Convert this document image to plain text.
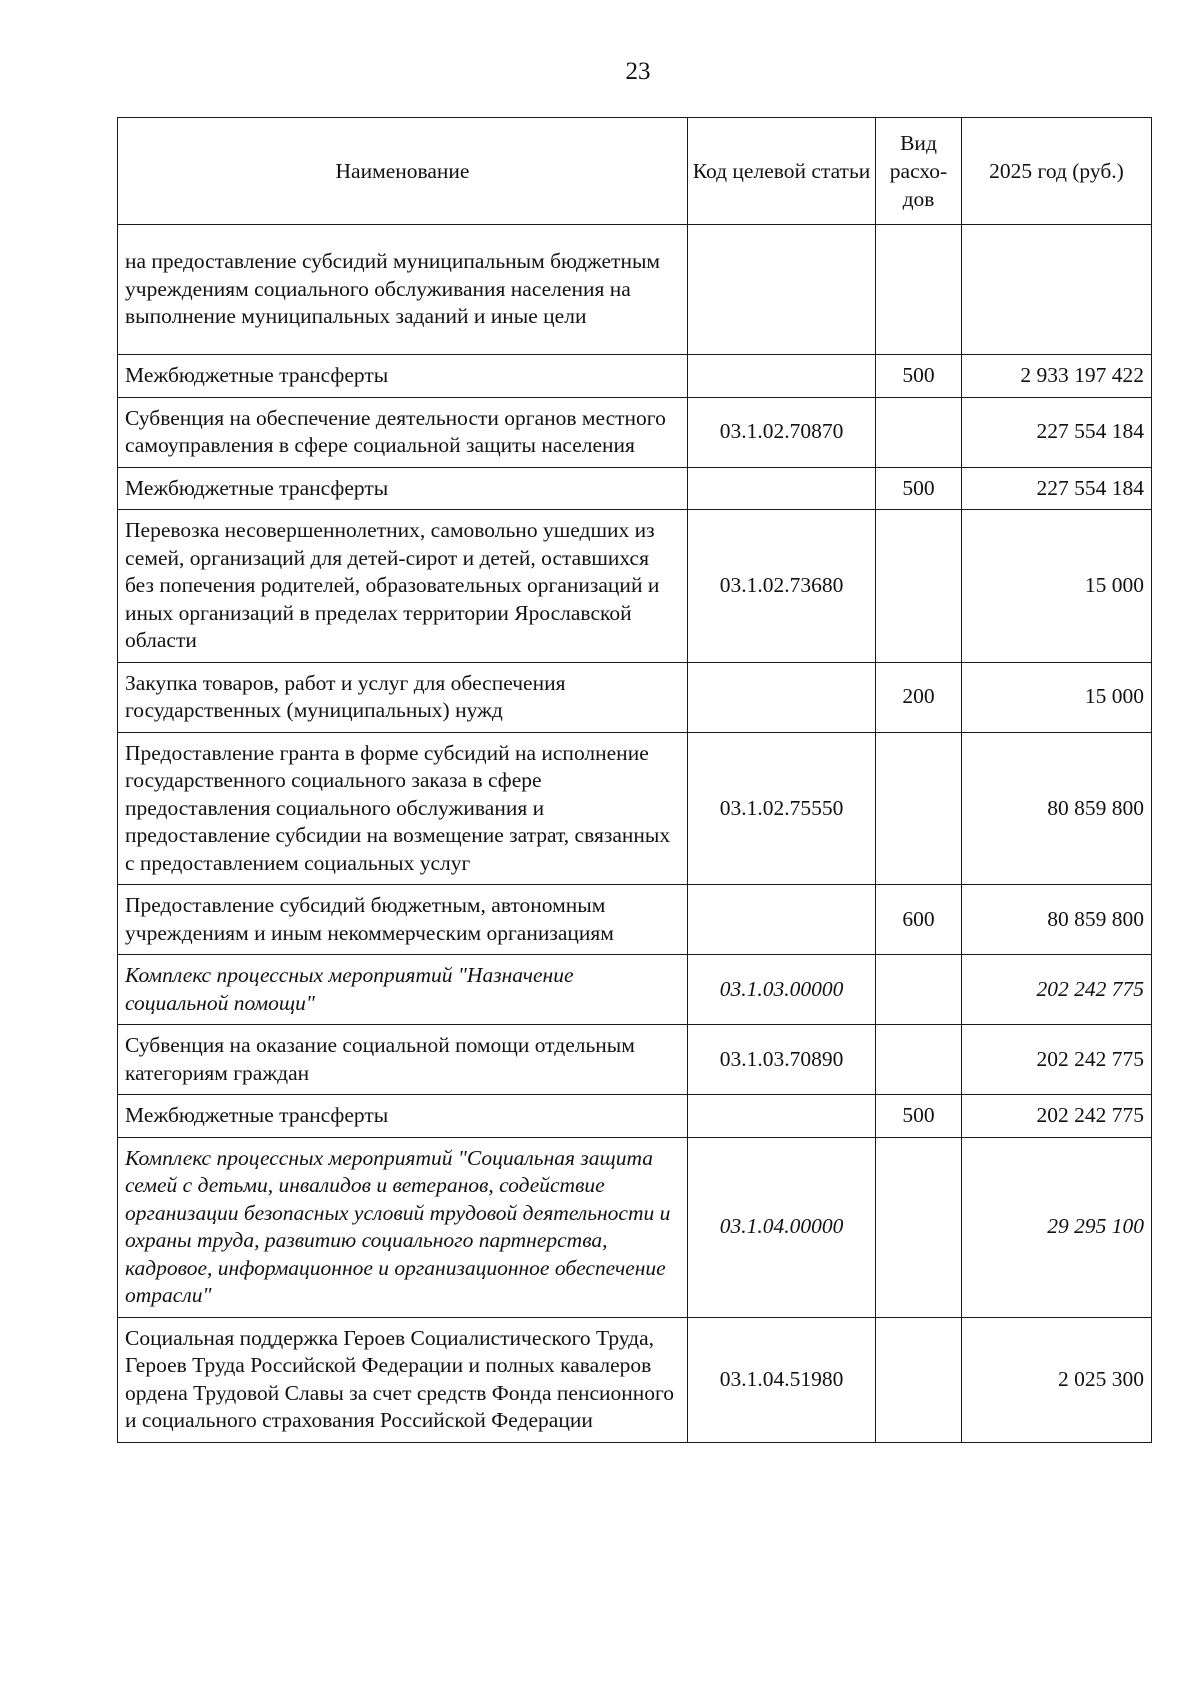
23
Наименование	Код целевой статьи	Вид расхо-дов	2025 год (руб.)
на предоставление субсидий муниципальным бюджетным учреждениям социального обслуживания населения на выполнение муниципальных заданий и иные цели			
Межбюджетные трансферты		500	2 933 197 422
Субвенция на обеспечение деятельности органов местного самоуправления в сфере социальной защиты населения	03.1.02.70870		227 554 184
Межбюджетные трансферты		500	227 554 184
Перевозка несовершеннолетних, самовольно ушедших из семей, организаций для детей-сирот и детей, оставшихся без попечения родителей, образовательных организаций и иных организаций в пределах территории Ярославской области	03.1.02.73680		15 000
Закупка товаров, работ и услуг для обеспечения государственных (муниципальных) нужд		200	15 000
Предоставление гранта в форме субсидий на исполнение государственного социального заказа в сфере предоставления социального обслуживания и предоставление субсидии на возмещение затрат, связанных с предоставлением социальных услуг	03.1.02.75550		80 859 800
Предоставление субсидий бюджетным, автономным учреждениям и иным некоммерческим организациям		600	80 859 800
Комплекс процессных мероприятий "Назначение социальной помощи"	03.1.03.00000		202 242 775
Субвенция на оказание социальной помощи отдельным категориям граждан	03.1.03.70890		202 242 775
Межбюджетные трансферты		500	202 242 775
Комплекс процессных мероприятий "Социальная защита семей с детьми, инвалидов и ветеранов, содействие организации безопасных условий трудовой деятельности и охраны труда, развитию социального партнерства, кадровое, информационное и организационное обеспечение отрасли"	03.1.04.00000		29 295 100
Социальная поддержка Героев Социалистического Труда, Героев Труда Российской Федерации и полных кавалеров ордена Трудовой Славы за счет средств Фонда пенсионного и социального страхования Российской Федерации	03.1.04.51980		2 025 300
